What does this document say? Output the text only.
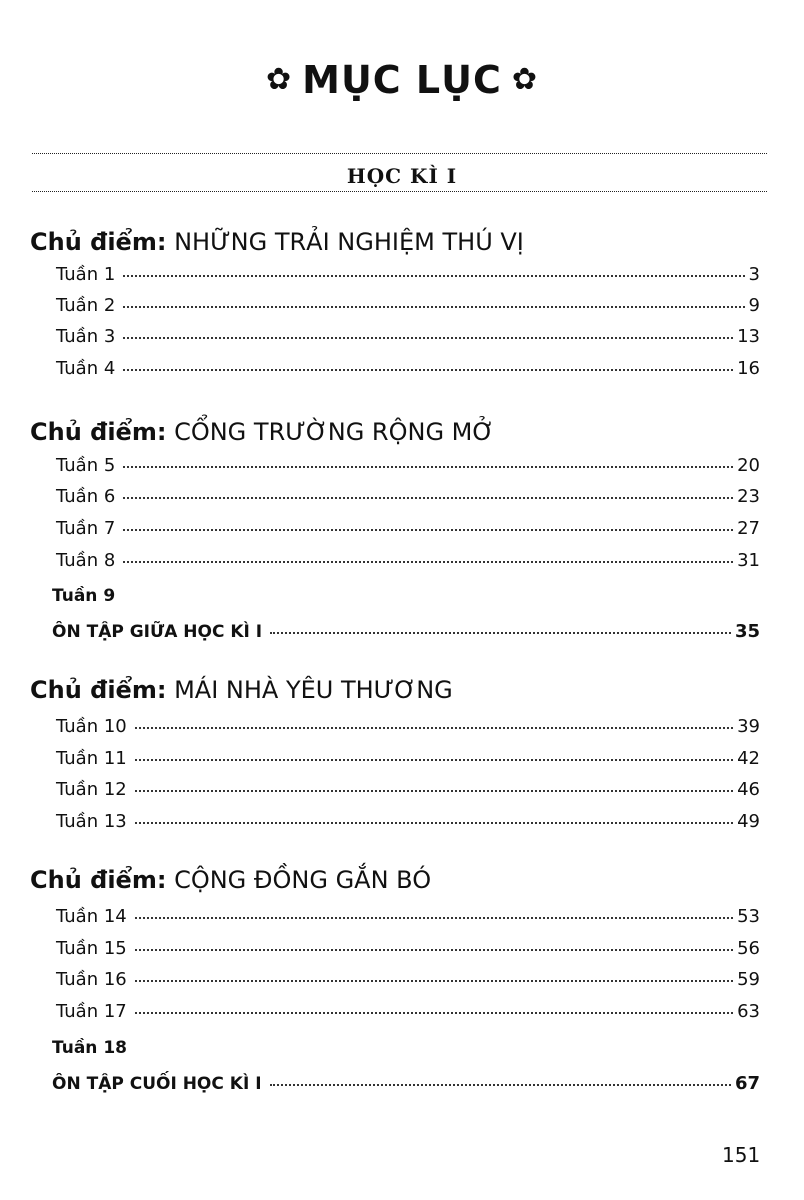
✿ MỤC LỤC ✿
HỌC KÌ I
Chủ điểm: NHỮNG TRẢI NGHIỆM THÚ VỊ
Tuần 1	3
Tuần 2	9
Tuần 3	13
Tuần 4	16
Chủ điểm: CỔNG TRƯỜNG RỘNG MỞ
Tuần 5	20
Tuần 6	23
Tuần 7	27
Tuần 8	31
Tuần 9
ÔN TẬP GIỮA HỌC KÌ I	35
Chủ điểm: MÁI NHÀ YÊU THƯƠNG
Tuần 10	39
Tuần 11	42
Tuần 12	46
Tuần 13	49
Chủ điểm: CỘNG ĐỒNG GẮN BÓ
Tuần 14	53
Tuần 15	56
Tuần 16	59
Tuần 17	63
Tuần 18
ÔN TẬP CUỐI HỌC KÌ I	67
151
